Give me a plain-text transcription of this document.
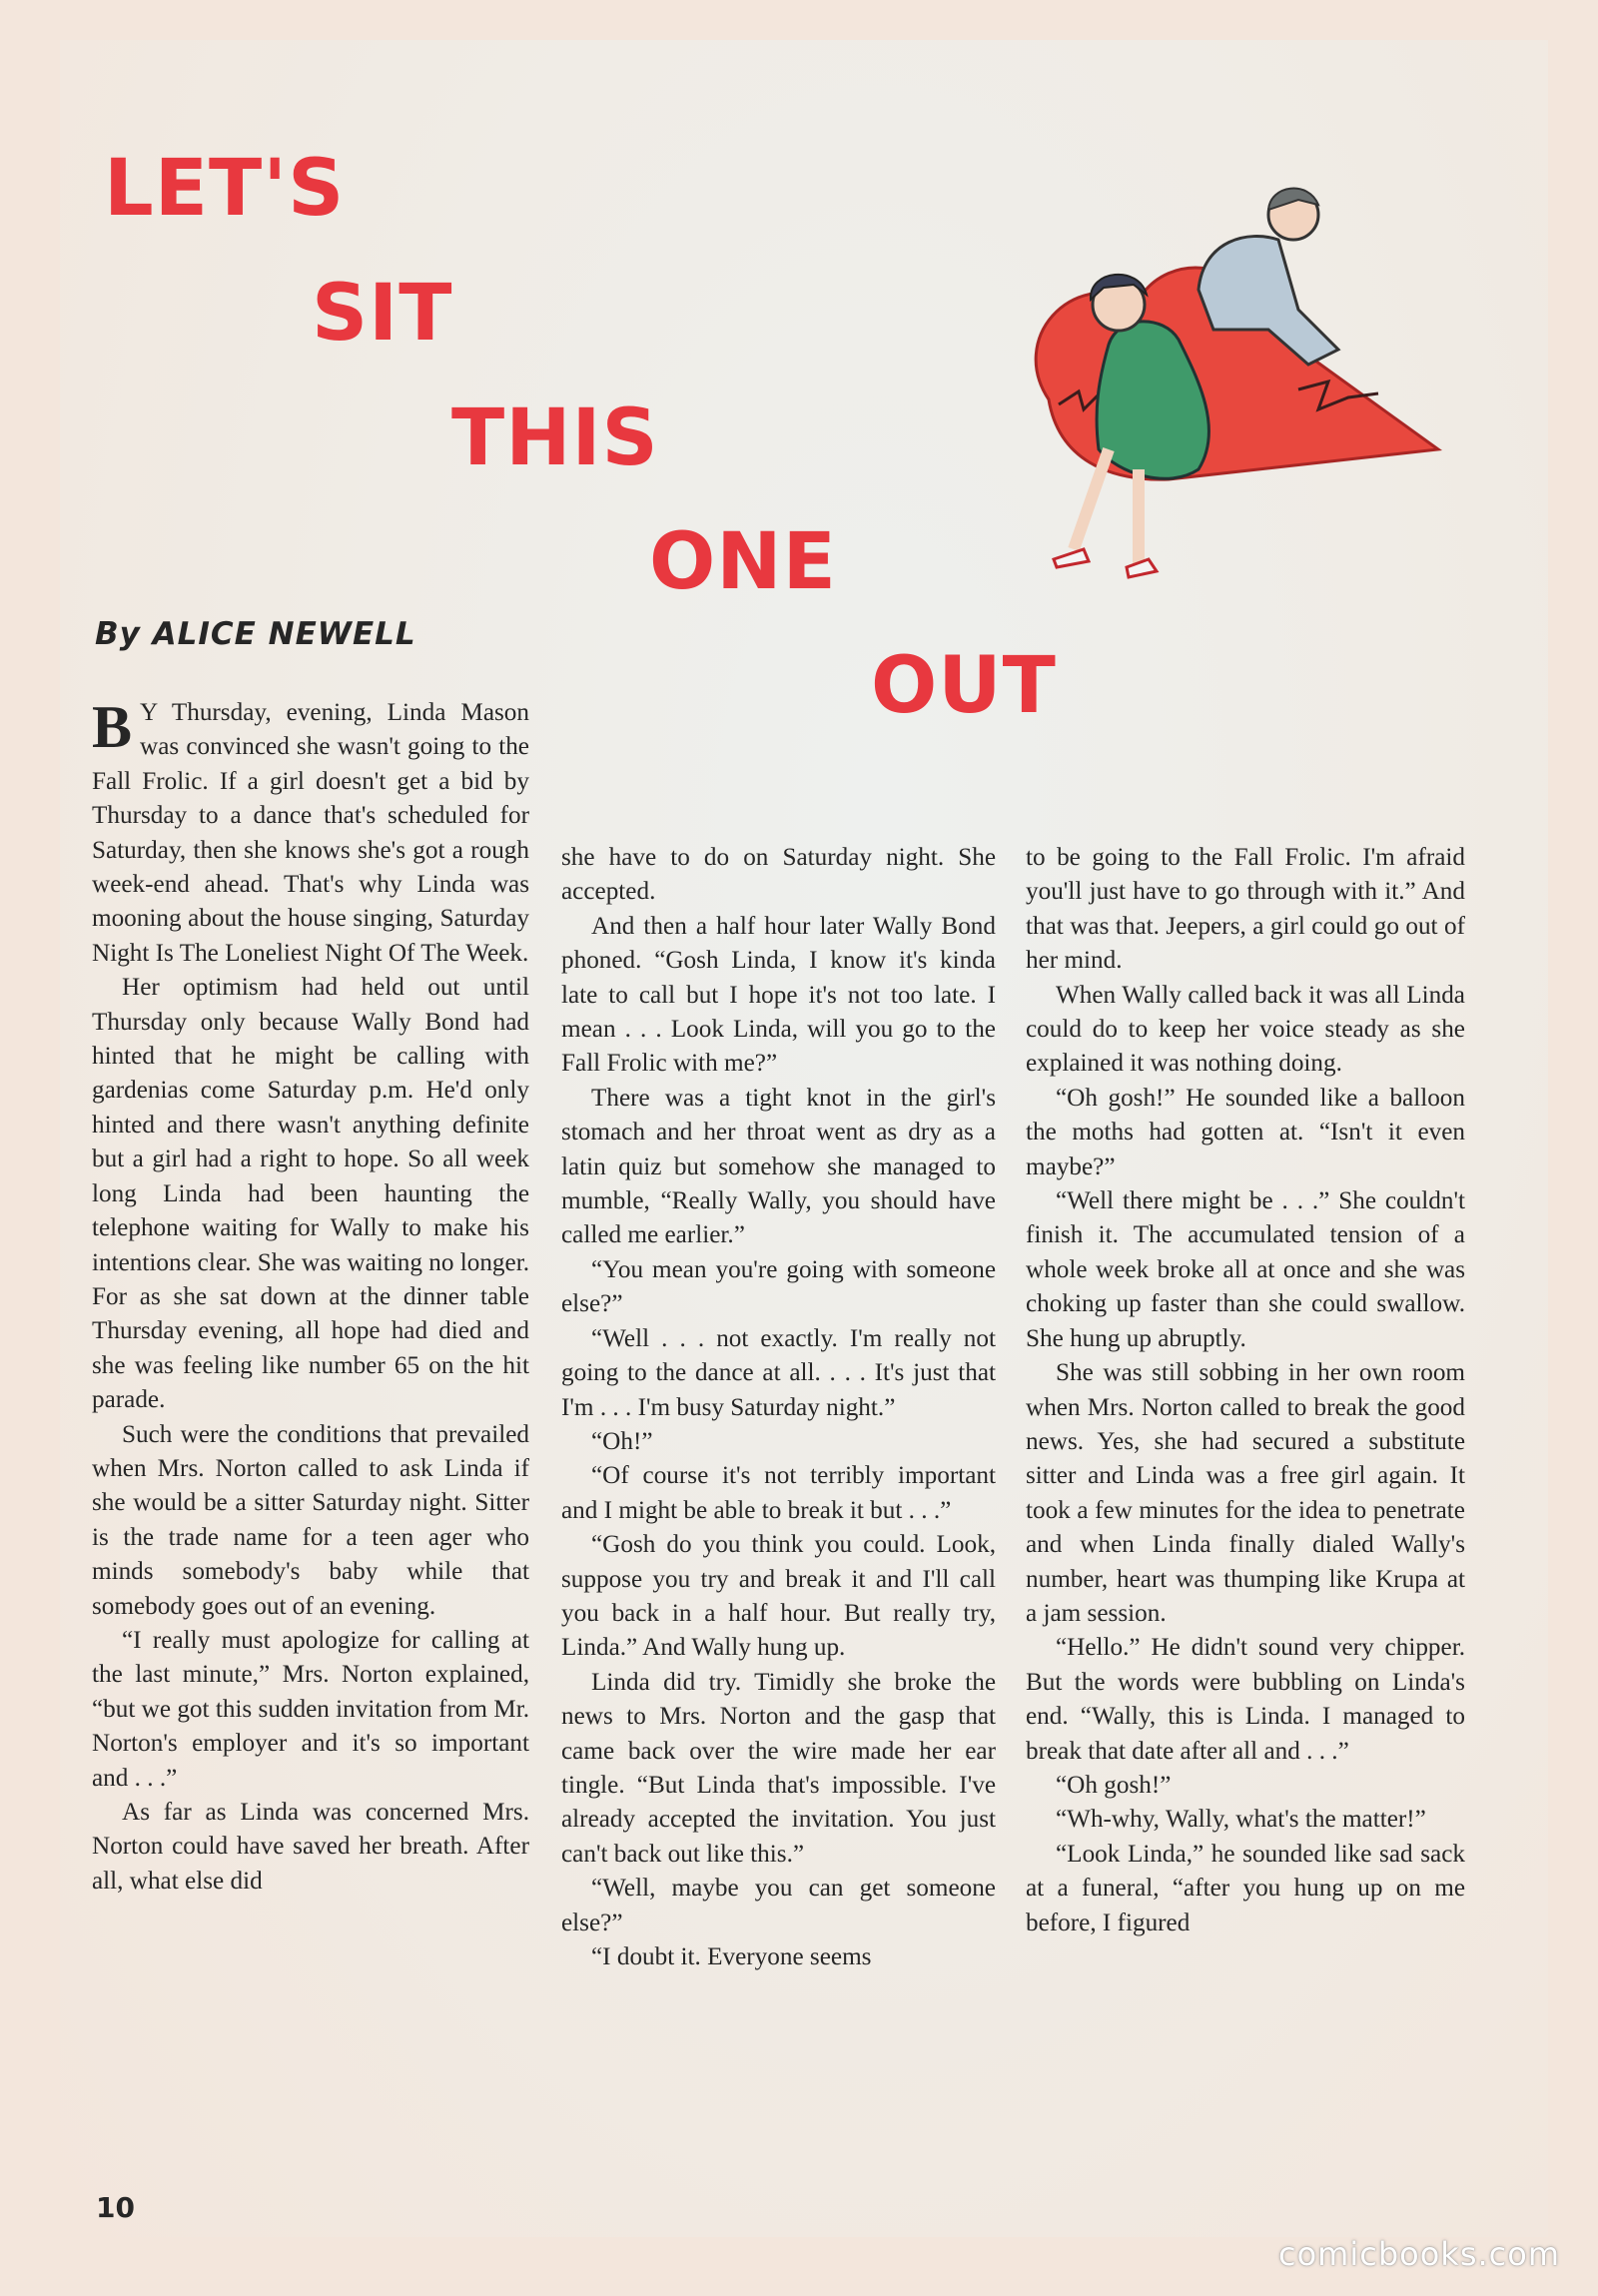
LET'S
SIT
THIS
ONE
OUT
By ALICE NEWELL

B Y Thursday, evening, Linda Mason was convinced she wasn't going to the Fall Frolic. If a girl doesn't get a bid by Thursday to a dance that's scheduled for Saturday, then she knows she's got a rough week-end ahead. That's why Linda was mooning about the house singing, Saturday Night Is The Loneliest Night Of The Week.

Her optimism had held out until Thursday only because Wally Bond had hinted that he might be calling with gardenias come Saturday p.m. He'd only hinted and there wasn't anything definite but a girl had a right to hope. So all week long Linda had been haunting the telephone waiting for Wally to make his intentions clear. She was waiting no longer. For as she sat down at the dinner table Thursday evening, all hope had died and she was feeling like number 65 on the hit parade.

Such were the conditions that prevailed when Mrs. Norton called to ask Linda if she would be a sitter Saturday night. Sitter is the trade name for a teen ager who minds somebody's baby while that somebody goes out of an evening.

“I really must apologize for calling at the last minute,” Mrs. Norton explained, “but we got this sudden invitation from Mr. Norton's employer and it's so important and . . .”

As far as Linda was concerned Mrs. Norton could have saved her breath. After all, what else did

she have to do on Saturday night. She accepted.

And then a half hour later Wally Bond phoned. “Gosh Linda, I know it's kinda late to call but I hope it's not too late. I mean . . . Look Linda, will you go to the Fall Frolic with me?”

There was a tight knot in the girl's stomach and her throat went as dry as a latin quiz but somehow she managed to mumble, “Really Wally, you should have called me earlier.”

“You mean you're going with someone else?”

“Well . . . not exactly. I'm really not going to the dance at all. . . . It's just that I'm . . . I'm busy Saturday night.”

“Oh!”

“Of course it's not terribly important and I might be able to break it but . . .”

“Gosh do you think you could. Look, suppose you try and break it and I'll call you back in a half hour. But really try, Linda.” And Wally hung up.

Linda did try. Timidly she broke the news to Mrs. Norton and the gasp that came back over the wire made her ear tingle. “But Linda that's impossible. I've already accepted the invitation. You just can't back out like this.”

“Well, maybe you can get someone else?”

“I doubt it. Everyone seems

to be going to the Fall Frolic. I'm afraid you'll just have to go through with it.” And that was that. Jeepers, a girl could go out of her mind.

When Wally called back it was all Linda could do to keep her voice steady as she explained it was nothing doing.

“Oh gosh!” He sounded like a balloon the moths had gotten at. “Isn't it even maybe?”

“Well there might be . . .” She couldn't finish it. The accumulated tension of a whole week broke all at once and she was choking up faster than she could swallow. She hung up abruptly.

She was still sobbing in her own room when Mrs. Norton called to break the good news. Yes, she had secured a substitute sitter and Linda was a free girl again. It took a few minutes for the idea to penetrate and when Linda finally dialed Wally's number, heart was thumping like Krupa at a jam session.

“Hello.” He didn't sound very chipper. But the words were bubbling on Linda's end. “Wally, this is Linda. I managed to break that date after all and . . .”

“Oh gosh!”

“Wh-why, Wally, what's the matter!”

“Look Linda,” he sounded like sad sack at a funeral, “after you hung up on me before, I figured

10
comicbooks.com
